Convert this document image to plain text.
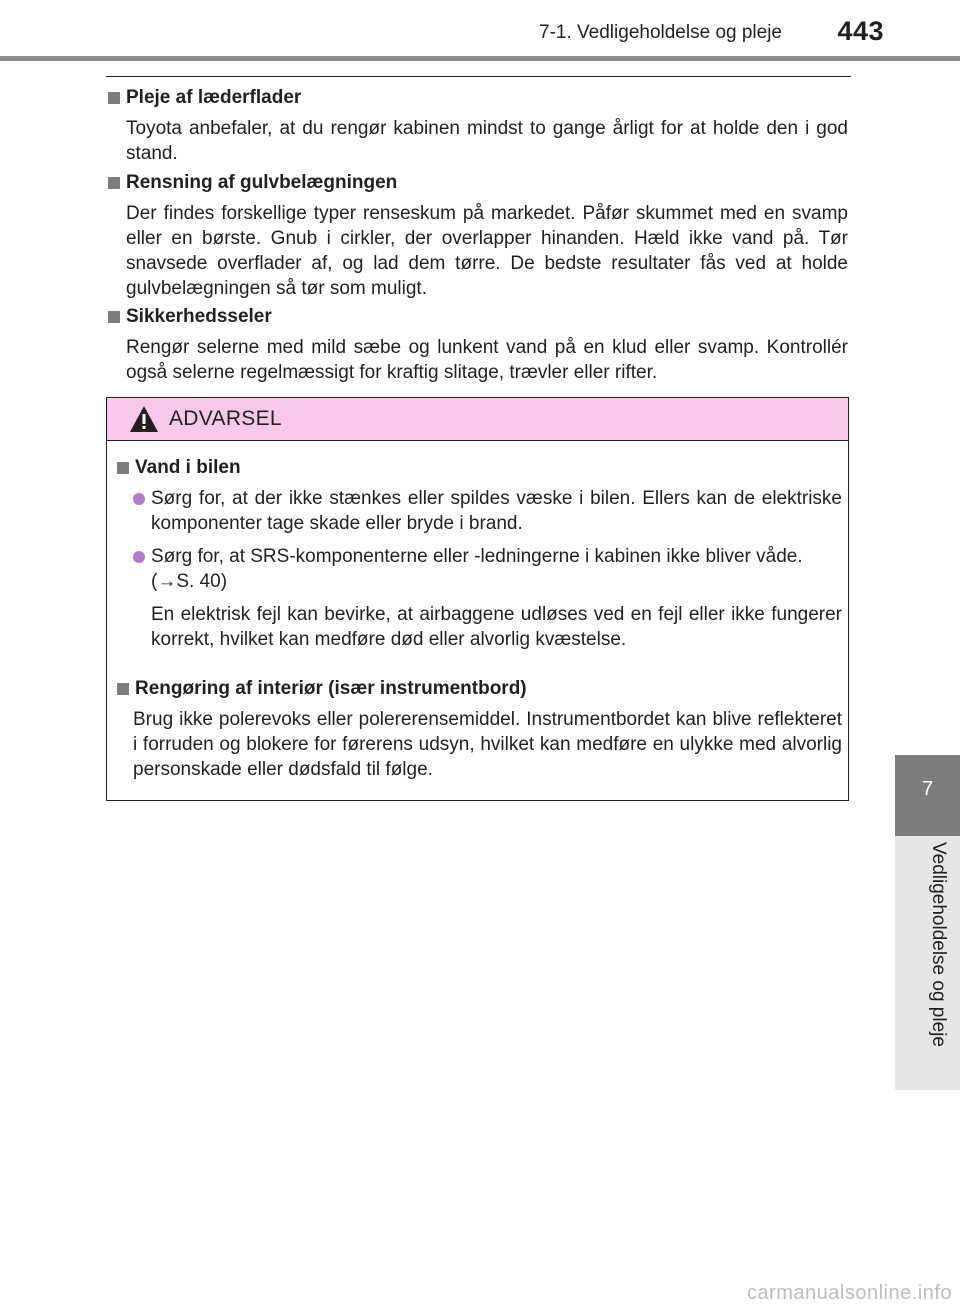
7-1. Vedligeholdelse og pleje 443
7
Vedligeholdelse og pleje
Pleje af læderflader
Toyota anbefaler, at du rengør kabinen mindst to gange årligt for at holde den i god stand.
Rensning af gulvbelægningen
Der findes forskellige typer renseskum på markedet. Påfør skummet med en svamp eller en børste. Gnub i cirkler, der overlapper hinanden. Hæld ikke vand på. Tør snavsede overflader af, og lad dem tørre. De bedste resultater fås ved at holde gulvbelægningen så tør som muligt.
Sikkerhedsseler
Rengør selerne med mild sæbe og lunkent vand på en klud eller svamp. Kontrollér også selerne regelmæssigt for kraftig slitage, trævler eller rifter.
ADVARSEL
Vand i bilen
Sørg for, at der ikke stænkes eller spildes væske i bilen. Ellers kan de elektriske komponenter tage skade eller bryde i brand.
Sørg for, at SRS-komponenterne eller -ledningerne i kabinen ikke bliver våde.
(→S. 40)
En elektrisk fejl kan bevirke, at airbaggene udløses ved en fejl eller ikke fungerer korrekt, hvilket kan medføre død eller alvorlig kvæstelse.
Rengøring af interiør (især instrumentbord)
Brug ikke polerevoks eller polererensemiddel. Instrumentbordet kan blive reflekteret i forruden og blokere for førerens udsyn, hvilket kan medføre en ulykke med alvorlig personskade eller dødsfald til følge.
carmanualsonline.info
